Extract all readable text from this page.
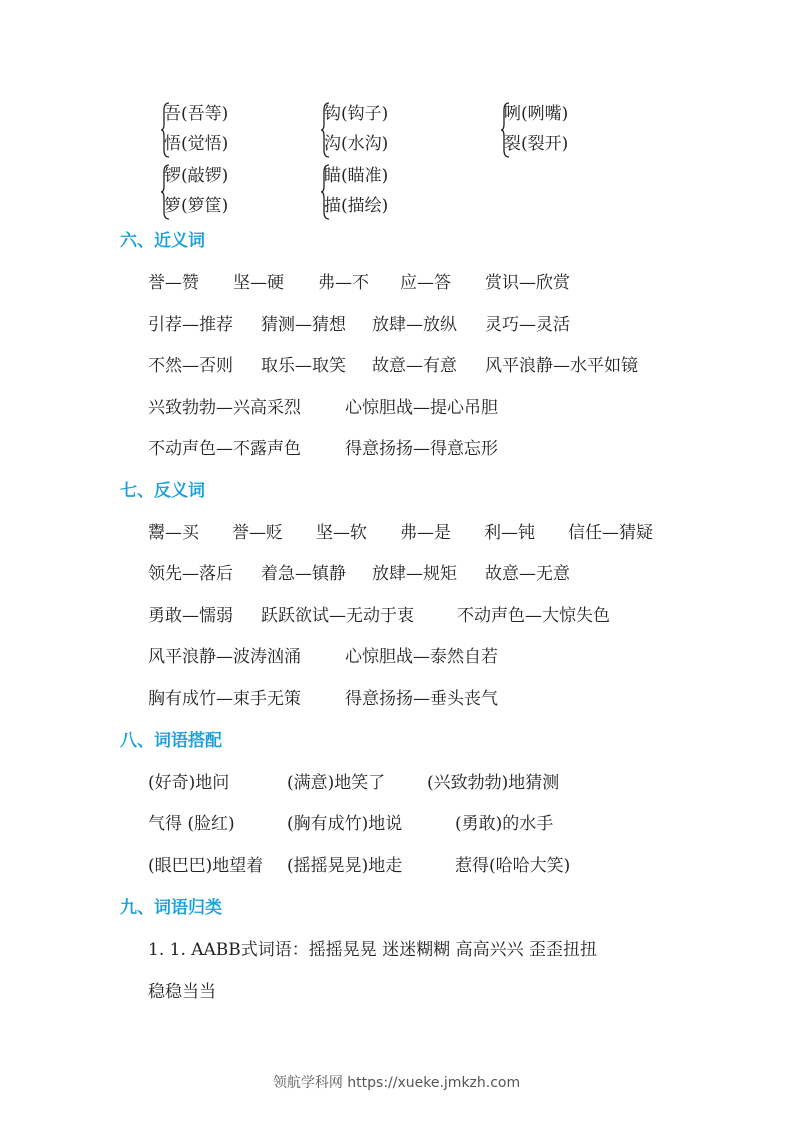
吾(吾等)
悟(觉悟)
钩(钩子)
沟(水沟)
咧(咧嘴)
裂(裂开)
锣(敲锣)
箩(箩筐)
瞄(瞄准)
描(描绘)
六、近义词
誉—赞 坚—硬 弗—不 应—答 赏识—欣赏
引荐—推荐 猜测—猜想 放肆—放纵 灵巧—灵活
不然—否则 取乐—取笑 故意—有意 风平浪静—水平如镜
兴致勃勃—兴高采烈	心惊胆战—提心吊胆
不动声色—不露声色	得意扬扬—得意忘形
七、反义词
鬻—买 誉—贬 坚—软 弗—是 利—钝 信任—猜疑
领先—落后 着急—镇静 放肆—规矩 故意—无意
勇敢—懦弱 跃跃欲试—无动于衷	不动声色—大惊失色
风平浪静—波涛汹涌	心惊胆战—泰然自若
胸有成竹—束手无策	得意扬扬—垂头丧气
八、词语搭配
(好奇)地问	(满意)地笑了 (兴致勃勃)地猜测
气得 (脸红)	(胸有成竹)地说	(勇敢)的水手
(眼巴巴)地望着 (摇摇晃晃)地走	惹得(哈哈大笑)
九、词语归类
1. 1. AABB式词语：摇摇晃晃 迷迷糊糊 高高兴兴 歪歪扭扭
稳稳当当
领航学科网 https://xueke.jmkzh.com
